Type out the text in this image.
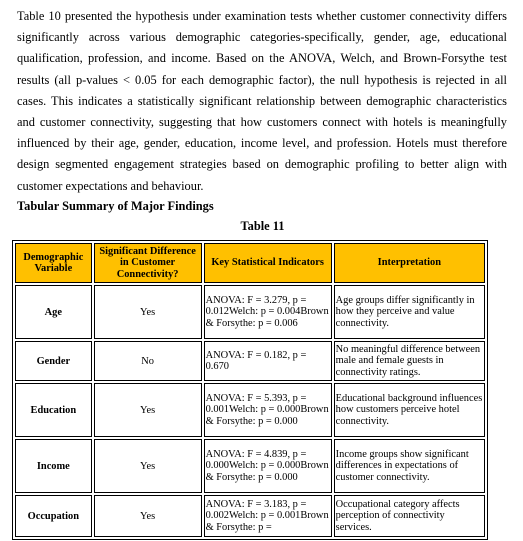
Table 10 presented the hypothesis under examination tests whether customer connectivity differs significantly across various demographic categories-specifically, gender, age, educational qualification, profession, and income. Based on the ANOVA, Welch, and Brown-Forsythe test results (all p-values < 0.05 for each demographic factor), the null hypothesis is rejected in all cases. This indicates a statistically significant relationship between demographic characteristics and customer connectivity, suggesting that how customers connect with hotels is meaningfully influenced by their age, gender, education, income level, and profession. Hotels must therefore design segmented engagement strategies based on demographic profiling to better align with customer expectations and behaviour.

Tabular Summary of Major Findings

Table 11

Demographic Variable	Significant Difference in Customer Connectivity?	Key Statistical Indicators	Interpretation
Age	Yes	ANOVA: F = 3.279, p = 0.012Welch: p = 0.004Brown & Forsythe: p = 0.006	Age groups differ significantly in how they perceive and value connectivity.
Gender	No	ANOVA: F = 0.182, p = 0.670	No meaningful difference between male and female guests in connectivity ratings.
Education	Yes	ANOVA: F = 5.393, p = 0.001Welch: p = 0.000Brown & Forsythe: p = 0.000	Educational background influences how customers perceive hotel connectivity.
Income	Yes	ANOVA: F = 4.839, p = 0.000Welch: p = 0.000Brown & Forsythe: p = 0.000	Income groups show significant differences in expectations of customer connectivity.
Occupation	Yes	ANOVA: F = 3.183, p = 0.002Welch: p = 0.001Brown & Forsythe: p =	Occupational category affects perception of connectivity services.
